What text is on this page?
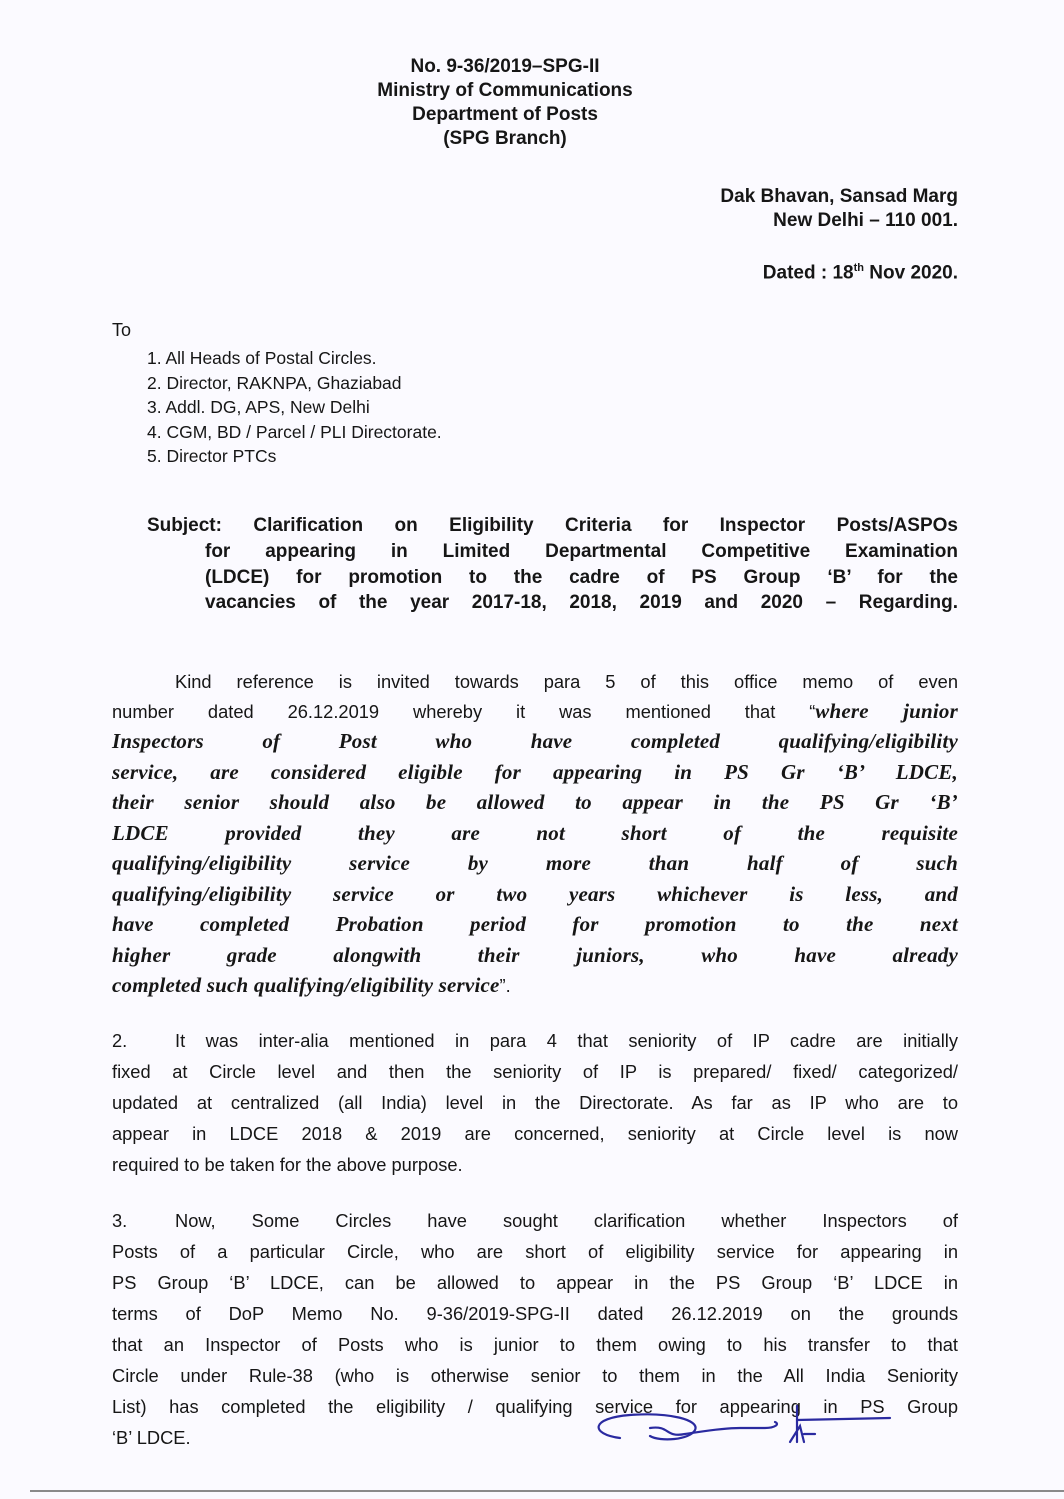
No. 9-36/2019–SPG-II
Ministry of Communications
Department of Posts
(SPG Branch)
Dak Bhavan, Sansad Marg
New Delhi – 110 001.
Dated : 18th Nov 2020.
To
1. All Heads of Postal Circles.
2. Director, RAKNPA, Ghaziabad
3. Addl. DG, APS, New Delhi
4. CGM, BD / Parcel / PLI Directorate.
5. Director PTCs
Subject: Clarification on Eligibility Criteria for Inspector Posts/ASPOs
for appearing in Limited Departmental Competitive Examination
(LDCE) for promotion to the cadre of PS Group ‘B’ for the
vacancies of the year 2017-18, 2018, 2019 and 2020 – Regarding.
Kind reference is invited towards para 5 of this office memo of even
number dated 26.12.2019 whereby it was mentioned that “where junior
Inspectors of Post who have completed qualifying/eligibility
service, are considered eligible for appearing in PS Gr ‘B’ LDCE,
their senior should also be allowed to appear in the PS Gr ‘B’
LDCE provided they are not short of the requisite
qualifying/eligibility service by more than half of such
qualifying/eligibility service or two years whichever is less, and
have completed Probation period for promotion to the next
higher grade alongwith their juniors, who have already
completed such qualifying/eligibility service”.
2.	It was inter-alia mentioned in para 4 that seniority of IP cadre are initially
fixed at Circle level and then the seniority of IP is prepared/ fixed/ categorized/
updated at centralized (all India) level in the Directorate. As far as IP who are to
appear in LDCE 2018 & 2019 are concerned, seniority at Circle level is now
required to be taken for the above purpose.
3.	Now, Some Circles have sought clarification whether Inspectors of
Posts of a particular Circle, who are short of eligibility service for appearing in
PS Group ‘B’ LDCE, can be allowed to appear in the PS Group ‘B’ LDCE in
terms of DoP Memo No. 9-36/2019-SPG-II dated 26.12.2019 on the grounds
that an Inspector of Posts who is junior to them owing to his transfer to that
Circle under Rule-38 (who is otherwise senior to them in the All India Seniority
List) has completed the eligibility / qualifying service for appearing in PS Group
‘B’ LDCE.
